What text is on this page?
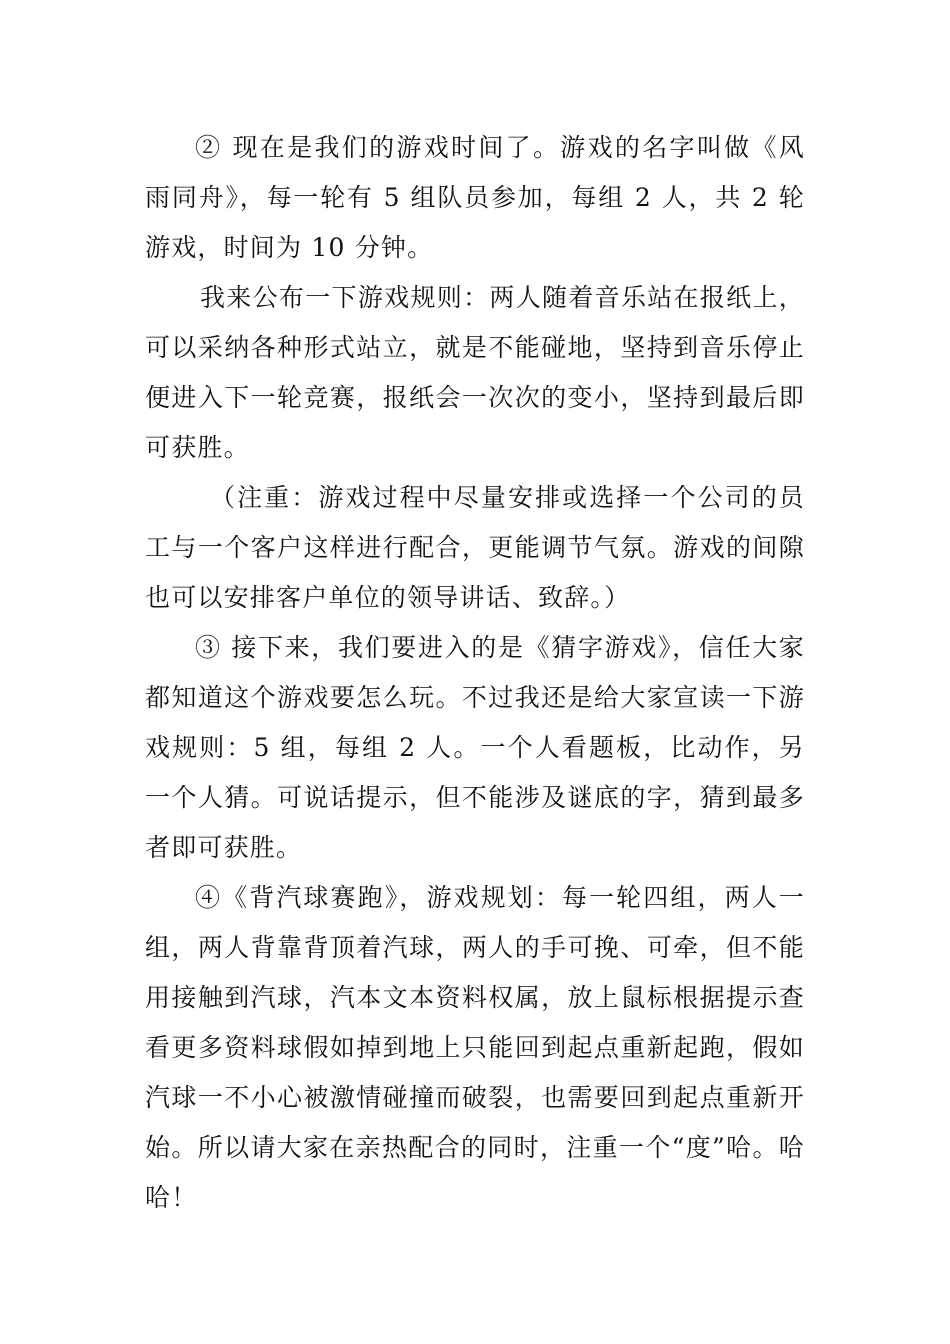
② 现在是我们的游戏时间了。游戏的名字叫做《风雨同舟》，每一轮有 5 组队员参加，每组 2 人，共 2 轮游戏，时间为 10 分钟。

我来公布一下游戏规则：两人随着音乐站在报纸上，可以采纳各种形式站立，就是不能碰地，坚持到音乐停止便进入下一轮竞赛，报纸会一次次的变小，坚持到最后即可获胜。

（注重：游戏过程中尽量安排或选择一个公司的员工与一个客户这样进行配合，更能调节气氛。游戏的间隙也可以安排客户单位的领导讲话、致辞。）

③ 接下来，我们要进入的是《猜字游戏》，信任大家都知道这个游戏要怎么玩。不过我还是给大家宣读一下游戏规则：5 组，每组 2 人。一个人看题板，比动作，另一个人猜。可说话提示，但不能涉及谜底的字，猜到最多者即可获胜。

④《背汽球赛跑》，游戏规划：每一轮四组，两人一组，两人背靠背顶着汽球，两人的手可挽、可牵，但不能用接触到汽球，汽本文本资料权属，放上鼠标根据提示查看更多资料球假如掉到地上只能回到起点重新起跑，假如汽球一不小心被激情碰撞而破裂，也需要回到起点重新开始。所以请大家在亲热配合的同时，注重一个“度”哈。哈哈！
